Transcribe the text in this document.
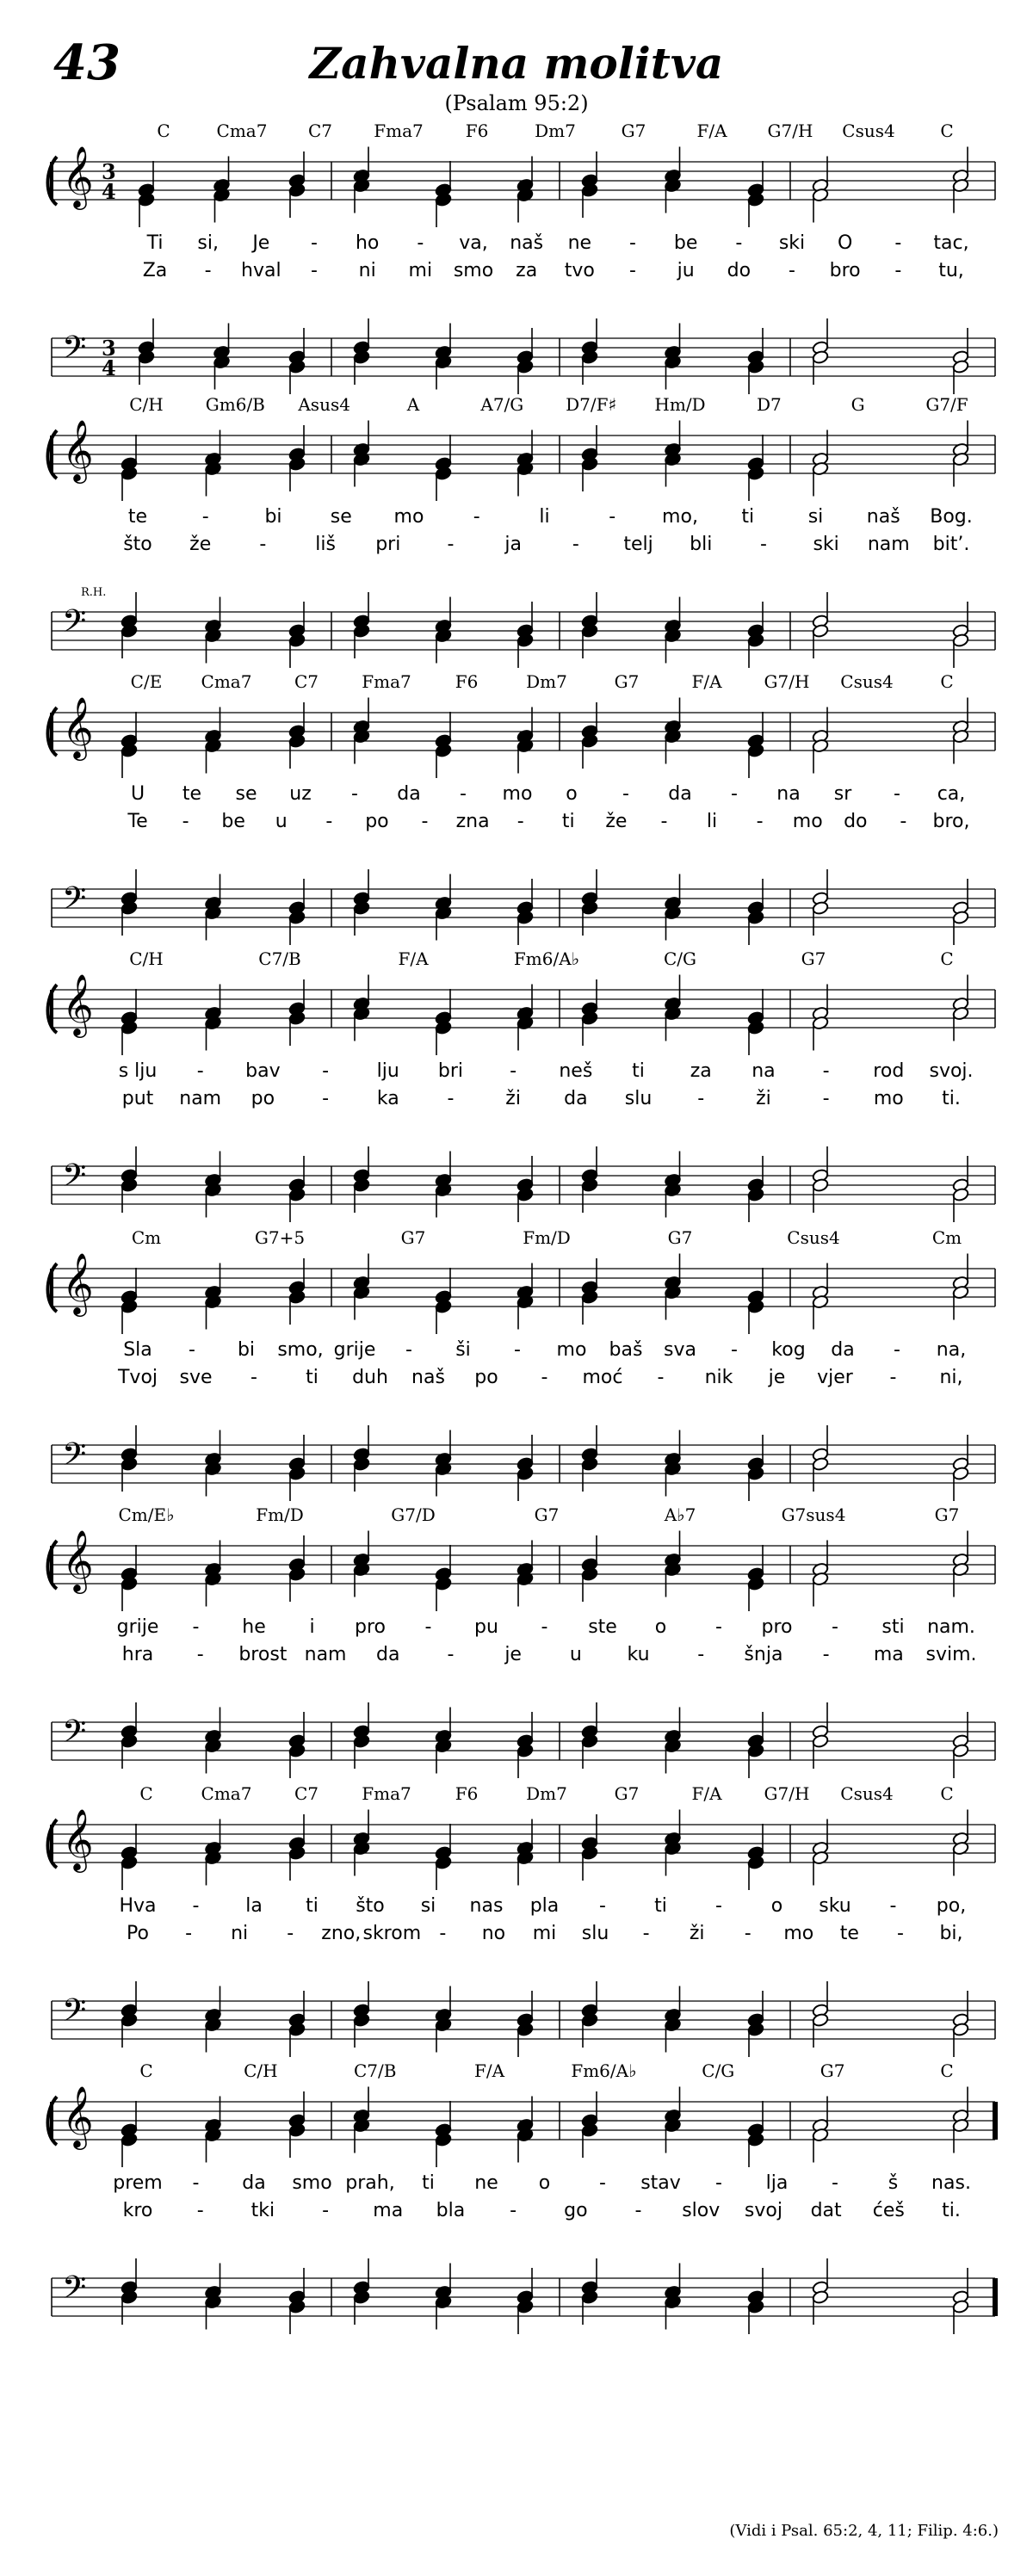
43	Zahvalna molitva
(Psalam 95:2)
𝄞
𝄢
3
4
3
4
C	Cma7 C7 Fma7 F6	Dm7	G7	F/A G7/H Csus4	C
Ti si, Je - ho - va, naš ne - be - ski O - tac,
Za - hval - ni mi smo za tvo - ju do - bro - tu,
𝄞
𝄢
C/H Gm6/B Asus4	A	A7/G D7/F♯ Hm/D	D7	G	G7/F
te	-	bi	se mo	-	li	- mo, ti	si naš Bog.
što že	-	liš pri -	ja	- telj bli	- ski nam bit’.
R.H.
𝄞
𝄢
C/E Cma7 C7	Fma7	F6	Dm7	G7	F/A G7/H Csus4	C
U te se uz - da - mo o - da - na sr - ca,
Te - be u - po - zna - ti že - li - mo do - bro,
𝄞
𝄢
C/H	C7/B	F/A	Fm6/A♭	C/G	G7	C
s lju - bav -	lju bri - neš ti za na - rod svoj.
put nam po -	ka	-	ži da slu -	ži	- mo ti.
𝄞
𝄢
Cm	G7+5	G7	Fm/D	G7	Csus4	Cm
Sla - bi smo, grije - ši - mo baš sva - kog da - na,
Tvoj sve -	ti duh naš po - moć - nik je vjer - ni,
𝄞
𝄢
Cm/E♭	Fm/D	G7/D	G7	A♭7	G7sus4	G7
grije - he i pro - pu - ste o	- pro - sti nam.
hra - brost nam da -	je	u ku	- šnja - ma svim.
𝄞
𝄢
C	Cma7 C7	Fma7	F6	Dm7	G7	F/A G7/H Csus4	C
Hva - la ti što si nas pla -	ti	-	o sku - po,
Po - ni - zno, skrom - no mi slu - ži - mo te - bi,
𝄞
𝄢
C	C/H	C7/B	F/A	Fm6/A♭	C/G	G7	C
prem - da smo prah, ti ne o	- stav - lja -	š nas.
kro - tki - ma bla -	go - slov svoj dat ćeš ti.
(Vidi i Psal. 65:2, 4, 11; Filip. 4:6.)
